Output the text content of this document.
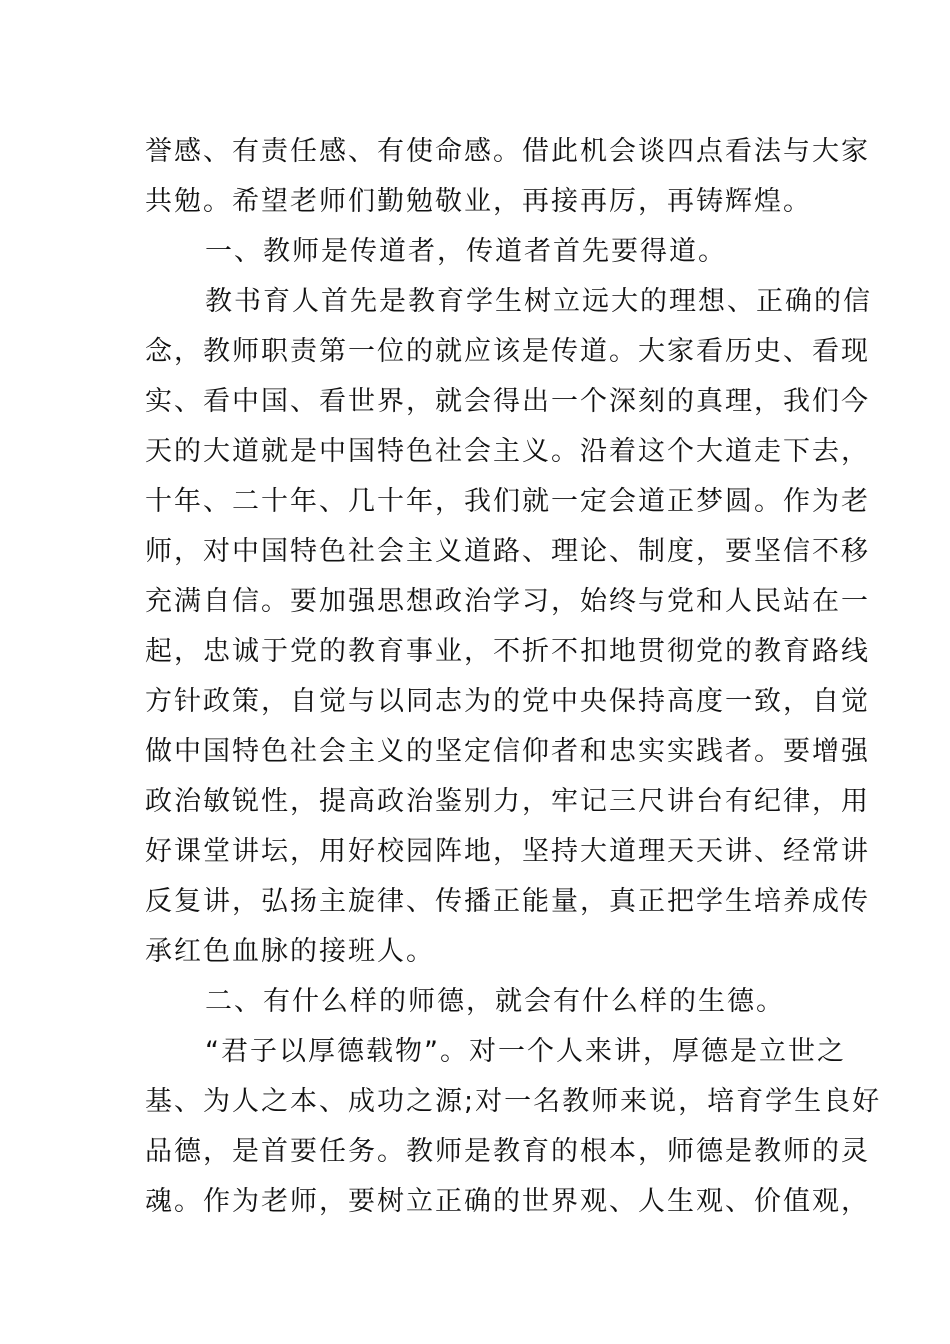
誉感、有责任感、有使命感。借此机会谈四点看法与大家
共勉。希望老师们勤勉敬业，再接再厉，再铸辉煌。
一、教师是传道者，传道者首先要得道。
教书育人首先是教育学生树立远大的理想、正确的信
念，教师职责第一位的就应该是传道。大家看历史、看现
实、看中国、看世界，就会得出一个深刻的真理，我们今
天的大道就是中国特色社会主义。沿着这个大道走下去，
十年、二十年、几十年，我们就一定会道正梦圆。作为老
师，对中国特色社会主义道路、理论、制度，要坚信不移
充满自信。要加强思想政治学习，始终与党和人民站在一
起，忠诚于党的教育事业，不折不扣地贯彻党的教育路线
方针政策，自觉与以同志为的党中央保持高度一致，自觉
做中国特色社会主义的坚定信仰者和忠实实践者。要增强
政治敏锐性，提高政治鉴别力，牢记三尺讲台有纪律，用
好课堂讲坛，用好校园阵地，坚持大道理天天讲、经常讲
反复讲，弘扬主旋律、传播正能量，真正把学生培养成传
承红色血脉的接班人。
二、有什么样的师德，就会有什么样的生德。
“君子以厚德载物”。对一个人来讲，厚德是立世之
基、为人之本、成功之源;对一名教师来说，培育学生良好
品德，是首要任务。教师是教育的根本，师德是教师的灵
魂。作为老师，要树立正确的世界观、人生观、价值观，
